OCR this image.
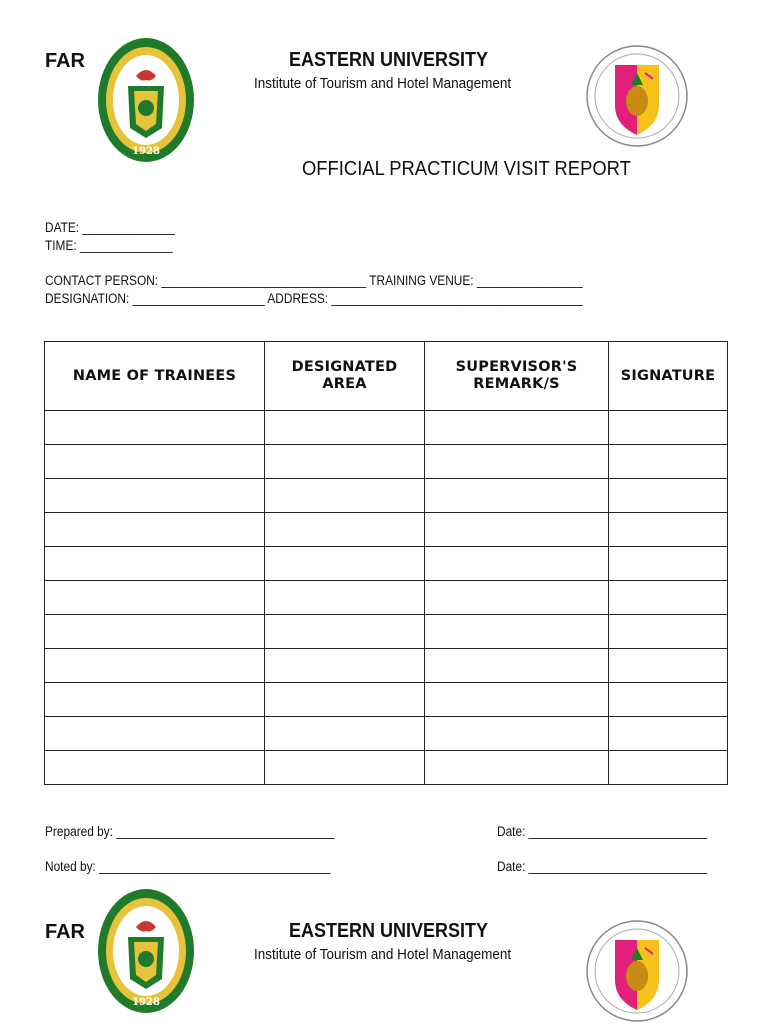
FAR
1928
EASTERN UNIVERSITY
Institute of Tourism and Hotel Management
OFFICIAL PRACTICUM VISIT REPORT
DATE: ______________
TIME: ______________
CONTACT PERSON: _______________________________ TRAINING VENUE: ________________
DESIGNATION: ____________________ ADDRESS: ______________________________________
NAME OF TRAINEES	DESIGNATED AREA	SUPERVISOR'S REMARK/S	SIGNATURE

Prepared by: _________________________________	Date: ___________________________
Noted by: ___________________________________	Date: ___________________________
FAR
1928
EASTERN UNIVERSITY
Institute of Tourism and Hotel Management
